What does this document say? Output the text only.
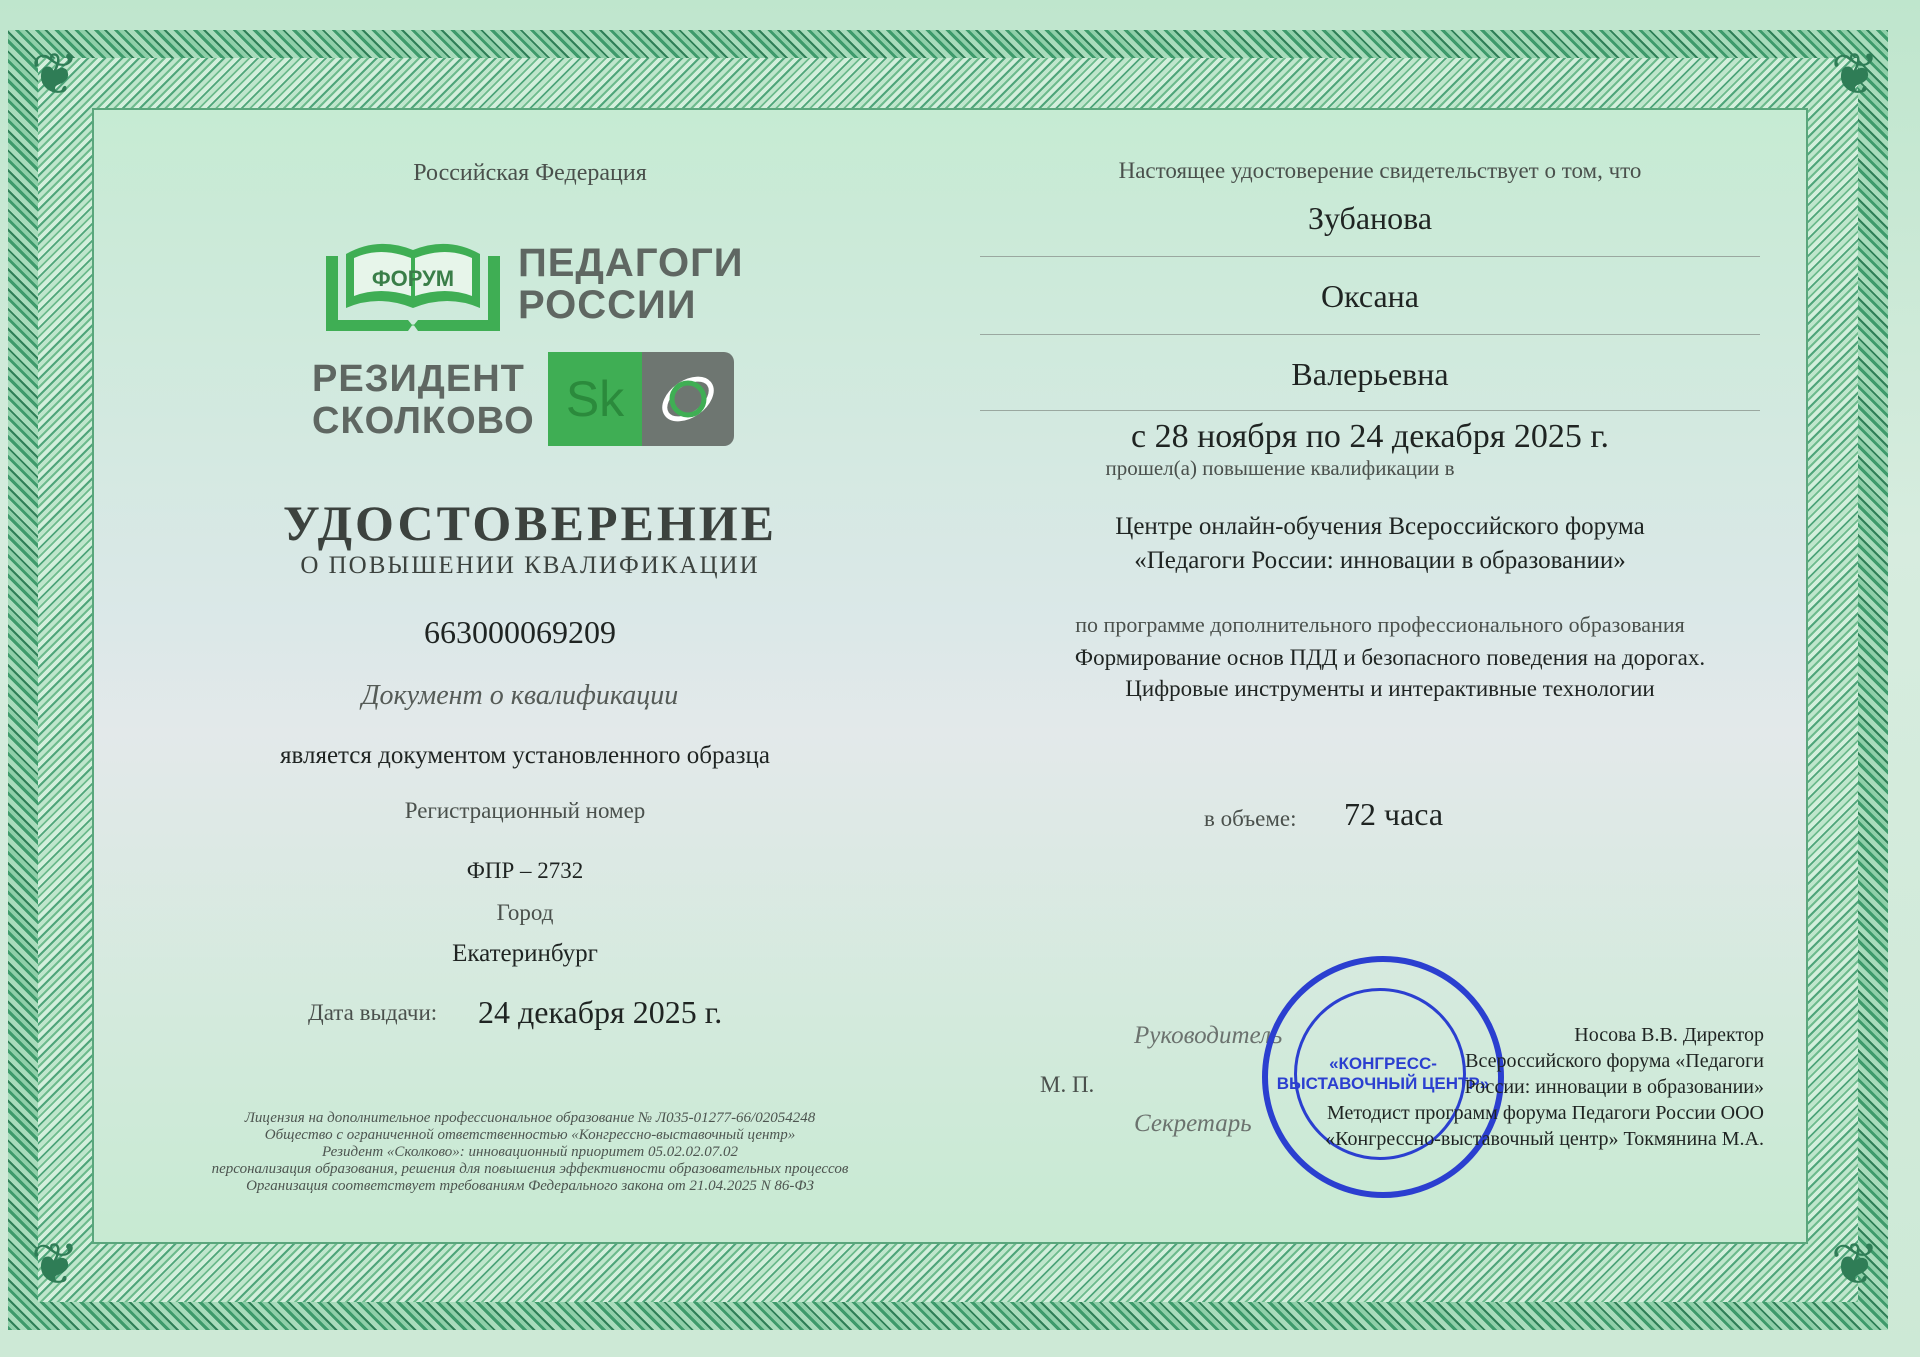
❦	❦
❦	❦
Российская Федерация
ФОРУМ	ПЕДАГОГИ
РОССИИ
РЕЗИДЕНТ
СКОЛКОВО Sk
УДОСТОВЕРЕНИЕ
О ПОВЫШЕНИИ КВАЛИФИКАЦИИ
663000069209
Документ о квалификации
является документом установленного образца
Регистрационный номер
ФПР – 2732
Город
Екатеринбург
Дата выдачи: 24 декабря 2025 г.
Лицензия на дополнительное профессиональное образование № Л035-01277-66/02054248
Общество с ограниченной ответственностью «Конгрессно-выставочный центр»
Резидент «Сколково»: инновационный приоритет 05.02.02.07.02
персонализация образования, решения для повышения эффективности образовательных процессов
Организация соответствует требованиям Федерального закона от 21.04.2025 N 86-ФЗ
Настоящее удостоверение свидетельствует о том, что
Зубанова
Оксана
Валерьевна
с 28 ноября по 24 декабря 2025 г.
прошел(а) повышение квалификации в
Центре онлайн-обучения Всероссийского форума
«Педагоги России: инновации в образовании»
по программе дополнительного профессионального образования
Формирование основ ПДД и безопасного поведения на дорогах.
Цифровые инструменты и интерактивные технологии
в объеме: 72 часа
М. П.
Руководитель
Секретарь
«КОНГРЕСС-ВЫСТАВОЧНЫЙ ЦЕНТР»
Носова В.В. Директор
Всероссийского форума «Педагоги
России: инновации в образовании»
Методист программ форума Педагоги России ООО
«Конгрессно-выставочный центр» Токмянина М.А.
